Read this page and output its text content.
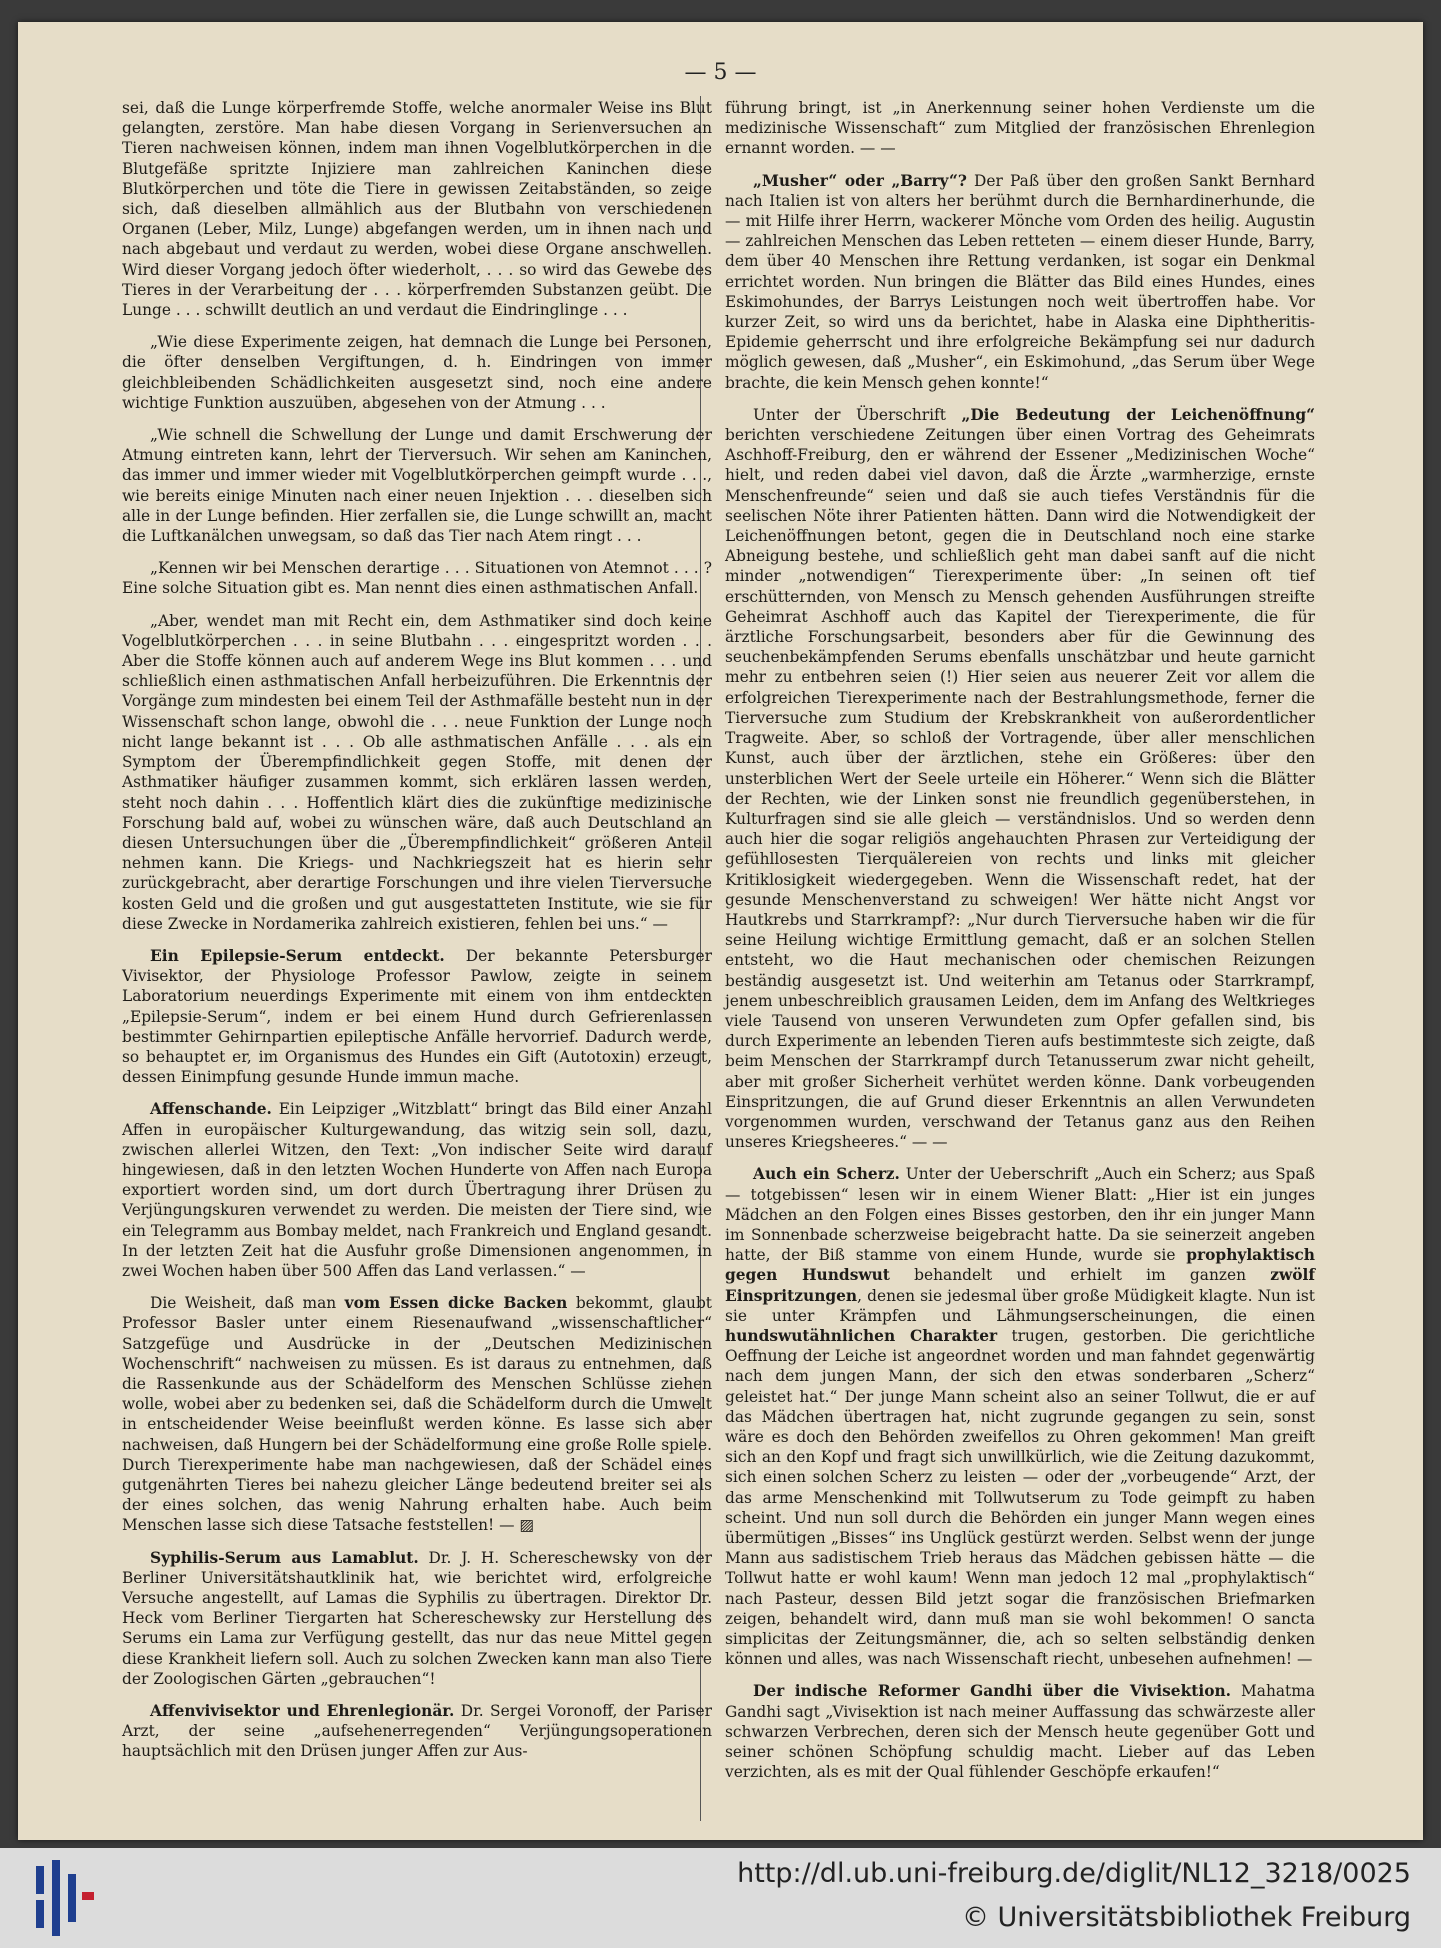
— 5 —

sei, daß die Lunge körperfremde Stoffe, welche anormaler Weise ins Blut gelangten, zerstöre. Man habe diesen Vorgang in Serienversuchen an Tieren nachweisen können, indem man ihnen Vogelblutkörperchen in die Blutgefäße spritzte Injiziere man zahlreichen Kaninchen diese Blutkörperchen und töte die Tiere in gewissen Zeitabständen, so zeige sich, daß dieselben allmählich aus der Blutbahn von verschiedenen Organen (Leber, Milz, Lunge) abgefangen werden, um in ihnen nach und nach abgebaut und verdaut zu werden, wobei diese Organe anschwellen. Wird dieser Vorgang jedoch öfter wiederholt, . . . so wird das Gewebe des Tieres in der Verarbeitung der . . . körperfremden Substanzen geübt. Die Lunge . . . schwillt deutlich an und verdaut die Eindringlinge . . .

„Wie diese Experimente zeigen, hat demnach die Lunge bei Personen, die öfter denselben Vergiftungen, d. h. Eindringen von immer gleichbleibenden Schädlichkeiten ausgesetzt sind, noch eine andere wichtige Funktion auszuüben, abgesehen von der Atmung . . .

„Wie schnell die Schwellung der Lunge und damit Erschwerung der Atmung eintreten kann, lehrt der Tierversuch. Wir sehen am Kaninchen, das immer und immer wieder mit Vogelblutkörperchen geimpft wurde . . ., wie bereits einige Minuten nach einer neuen Injektion . . . dieselben sich alle in der Lunge befinden. Hier zerfallen sie, die Lunge schwillt an, macht die Luftkanälchen unwegsam, so daß das Tier nach Atem ringt . . .

„Kennen wir bei Menschen derartige . . . Situationen von Atemnot . . . ? Eine solche Situation gibt es. Man nennt dies einen asthmatischen Anfall.

„Aber, wendet man mit Recht ein, dem Asthmatiker sind doch keine Vogelblutkörperchen . . . in seine Blutbahn . . . eingespritzt worden . . . Aber die Stoffe können auch auf anderem Wege ins Blut kommen . . . und schließlich einen asthmatischen Anfall herbeizuführen. Die Erkenntnis der Vorgänge zum mindesten bei einem Teil der Asthmafälle besteht nun in der Wissenschaft schon lange, obwohl die . . . neue Funktion der Lunge noch nicht lange bekannt ist . . . Ob alle asthmatischen Anfälle . . . als ein Symptom der Überempfindlichkeit gegen Stoffe, mit denen der Asthmatiker häufiger zusammen kommt, sich erklären lassen werden, steht noch dahin . . . Hoffentlich klärt dies die zukünftige medizinische Forschung bald auf, wobei zu wünschen wäre, daß auch Deutschland an diesen Untersuchungen über die „Überempfindlichkeit“ größeren Anteil nehmen kann. Die Kriegs- und Nachkriegszeit hat es hierin sehr zurückgebracht, aber derartige Forschungen und ihre vielen Tierversuche kosten Geld und die großen und gut ausgestatteten Institute, wie sie für diese Zwecke in Nordamerika zahlreich existieren, fehlen bei uns.“ —

Ein Epilepsie-Serum entdeckt. Der bekannte Petersburger Vivisektor, der Physiologe Professor Pawlow, zeigte in seinem Laboratorium neuerdings Experimente mit einem von ihm entdeckten „Epilepsie-Serum“, indem er bei einem Hund durch Gefrierenlassen bestimmter Gehirnpartien epileptische Anfälle hervorrief. Dadurch werde, so behauptet er, im Organismus des Hundes ein Gift (Autotoxin) erzeugt, dessen Einimpfung gesunde Hunde immun mache.

Affenschande. Ein Leipziger „Witzblatt“ bringt das Bild einer Anzahl Affen in europäischer Kulturgewandung, das witzig sein soll, dazu, zwischen allerlei Witzen, den Text: „Von indischer Seite wird darauf hingewiesen, daß in den letzten Wochen Hunderte von Affen nach Europa exportiert worden sind, um dort durch Übertragung ihrer Drüsen zu Verjüngungskuren verwendet zu werden. Die meisten der Tiere sind, wie ein Telegramm aus Bombay meldet, nach Frankreich und England gesandt. In der letzten Zeit hat die Ausfuhr große Dimensionen angenommen, in zwei Wochen haben über 500 Affen das Land verlassen.“ —

Die Weisheit, daß man vom Essen dicke Backen bekommt, glaubt Professor Basler unter einem Riesenaufwand „wissenschaftlicher“ Satzgefüge und Ausdrücke in der „Deutschen Medizinischen Wochenschrift“ nachweisen zu müssen. Es ist daraus zu entnehmen, daß die Rassenkunde aus der Schädelform des Menschen Schlüsse ziehen wolle, wobei aber zu bedenken sei, daß die Schädelform durch die Umwelt in entscheidender Weise beeinflußt werden könne. Es lasse sich aber nachweisen, daß Hungern bei der Schädelformung eine große Rolle spiele. Durch Tierexperimente habe man nachgewiesen, daß der Schädel eines gutgenährten Tieres bei nahezu gleicher Länge bedeutend breiter sei als der eines solchen, das wenig Nahrung erhalten habe. Auch beim Menschen lasse sich diese Tatsache feststellen! — ▨

Syphilis-Serum aus Lamablut. Dr. J. H. Schereschewsky von der Berliner Universitätshautklinik hat, wie berichtet wird, erfolgreiche Versuche angestellt, auf Lamas die Syphilis zu übertragen. Direktor Dr. Heck vom Berliner Tiergarten hat Schereschewsky zur Herstellung des Serums ein Lama zur Verfügung gestellt, das nur das neue Mittel gegen diese Krankheit liefern soll. Auch zu solchen Zwecken kann man also Tiere der Zoologischen Gärten „gebrauchen“!

Affenvivisektor und Ehrenlegionär. Dr. Sergei Voronoff, der Pariser Arzt, der seine „aufsehenerregenden“ Verjüngungsoperationen hauptsächlich mit den Drüsen junger Affen zur Aus-

führung bringt, ist „in Anerkennung seiner hohen Verdienste um die medizinische Wissenschaft“ zum Mitglied der französischen Ehrenlegion ernannt worden. — —

„Musher“ oder „Barry“? Der Paß über den großen Sankt Bernhard nach Italien ist von alters her berühmt durch die Bernhardinerhunde, die — mit Hilfe ihrer Herrn, wackerer Mönche vom Orden des heilig. Augustin — zahlreichen Menschen das Leben retteten — einem dieser Hunde, Barry, dem über 40 Menschen ihre Rettung verdanken, ist sogar ein Denkmal errichtet worden. Nun bringen die Blätter das Bild eines Hundes, eines Eskimohundes, der Barrys Leistungen noch weit übertroffen habe. Vor kurzer Zeit, so wird uns da berichtet, habe in Alaska eine Diphtheritis-Epidemie geherrscht und ihre erfolgreiche Bekämpfung sei nur dadurch möglich gewesen, daß „Musher“, ein Eskimohund, „das Serum über Wege brachte, die kein Mensch gehen konnte!“

Unter der Überschrift „Die Bedeutung der Leichenöffnung“ berichten verschiedene Zeitungen über einen Vortrag des Geheimrats Aschhoff-Freiburg, den er während der Essener „Medizinischen Woche“ hielt, und reden dabei viel davon, daß die Ärzte „warmherzige, ernste Menschenfreunde“ seien und daß sie auch tiefes Verständnis für die seelischen Nöte ihrer Patienten hätten. Dann wird die Notwendigkeit der Leichenöffnungen betont, gegen die in Deutschland noch eine starke Abneigung bestehe, und schließlich geht man dabei sanft auf die nicht minder „notwendigen“ Tierexperimente über: „In seinen oft tief erschütternden, von Mensch zu Mensch gehenden Ausführungen streifte Geheimrat Aschhoff auch das Kapitel der Tierexperimente, die für ärztliche Forschungsarbeit, besonders aber für die Gewinnung des seuchenbekämpfenden Serums ebenfalls unschätzbar und heute garnicht mehr zu entbehren seien (!) Hier seien aus neuerer Zeit vor allem die erfolgreichen Tierexperimente nach der Bestrahlungsmethode, ferner die Tierversuche zum Studium der Krebskrankheit von außerordentlicher Tragweite. Aber, so schloß der Vortragende, über aller menschlichen Kunst, auch über der ärztlichen, stehe ein Größeres: über den unsterblichen Wert der Seele urteile ein Höherer.“ Wenn sich die Blätter der Rechten, wie der Linken sonst nie freundlich gegenüberstehen, in Kulturfragen sind sie alle gleich — verständnislos. Und so werden denn auch hier die sogar religiös angehauchten Phrasen zur Verteidigung der gefühllosesten Tierquälereien von rechts und links mit gleicher Kritiklosigkeit wiedergegeben. Wenn die Wissenschaft redet, hat der gesunde Menschenverstand zu schweigen! Wer hätte nicht Angst vor Hautkrebs und Starrkrampf?: „Nur durch Tierversuche haben wir die für seine Heilung wichtige Ermittlung gemacht, daß er an solchen Stellen entsteht, wo die Haut mechanischen oder chemischen Reizungen beständig ausgesetzt ist. Und weiterhin am Tetanus oder Starrkrampf, jenem unbeschreiblich grausamen Leiden, dem im Anfang des Weltkrieges viele Tausend von unseren Verwundeten zum Opfer gefallen sind, bis durch Experimente an lebenden Tieren aufs bestimmteste sich zeigte, daß beim Menschen der Starrkrampf durch Tetanusserum zwar nicht geheilt, aber mit großer Sicherheit verhütet werden könne. Dank vorbeugenden Einspritzungen, die auf Grund dieser Erkenntnis an allen Verwundeten vorgenommen wurden, verschwand der Tetanus ganz aus den Reihen unseres Kriegsheeres.“ — —

Auch ein Scherz. Unter der Ueberschrift „Auch ein Scherz; aus Spaß — totgebissen“ lesen wir in einem Wiener Blatt: „Hier ist ein junges Mädchen an den Folgen eines Bisses gestorben, den ihr ein junger Mann im Sonnenbade scherzweise beigebracht hatte. Da sie seinerzeit angeben hatte, der Biß stamme von einem Hunde, wurde sie prophylaktisch gegen Hundswut behandelt und erhielt im ganzen zwölf Einspritzungen, denen sie jedesmal über große Müdigkeit klagte. Nun ist sie unter Krämpfen und Lähmungserscheinungen, die einen hundswutähnlichen Charakter trugen, gestorben. Die gerichtliche Oeffnung der Leiche ist angeordnet worden und man fahndet gegenwärtig nach dem jungen Mann, der sich den etwas sonderbaren „Scherz“ geleistet hat.“ Der junge Mann scheint also an seiner Tollwut, die er auf das Mädchen übertragen hat, nicht zugrunde gegangen zu sein, sonst wäre es doch den Behörden zweifellos zu Ohren gekommen! Man greift sich an den Kopf und fragt sich unwillkürlich, wie die Zeitung dazukommt, sich einen solchen Scherz zu leisten — oder der „vorbeugende“ Arzt, der das arme Menschenkind mit Tollwutserum zu Tode geimpft zu haben scheint. Und nun soll durch die Behörden ein junger Mann wegen eines übermütigen „Bisses“ ins Unglück gestürzt werden. Selbst wenn der junge Mann aus sadistischem Trieb heraus das Mädchen gebissen hätte — die Tollwut hatte er wohl kaum! Wenn man jedoch 12 mal „prophylaktisch“ nach Pasteur, dessen Bild jetzt sogar die französischen Briefmarken zeigen, behandelt wird, dann muß man sie wohl bekommen! O sancta simplicitas der Zeitungsmänner, die, ach so selten selbständig denken können und alles, was nach Wissenschaft riecht, unbesehen aufnehmen! —

Der indische Reformer Gandhi über die Vivisektion. Mahatma Gandhi sagt „Vivisektion ist nach meiner Auffassung das schwärzeste aller schwarzen Verbrechen, deren sich der Mensch heute gegenüber Gott und seiner schönen Schöpfung schuldig macht. Lieber auf das Leben verzichten, als es mit der Qual fühlender Geschöpfe erkaufen!“

http://dl.ub.uni-freiburg.de/diglit/NL12_3218/0025
© Universitätsbibliothek Freiburg
